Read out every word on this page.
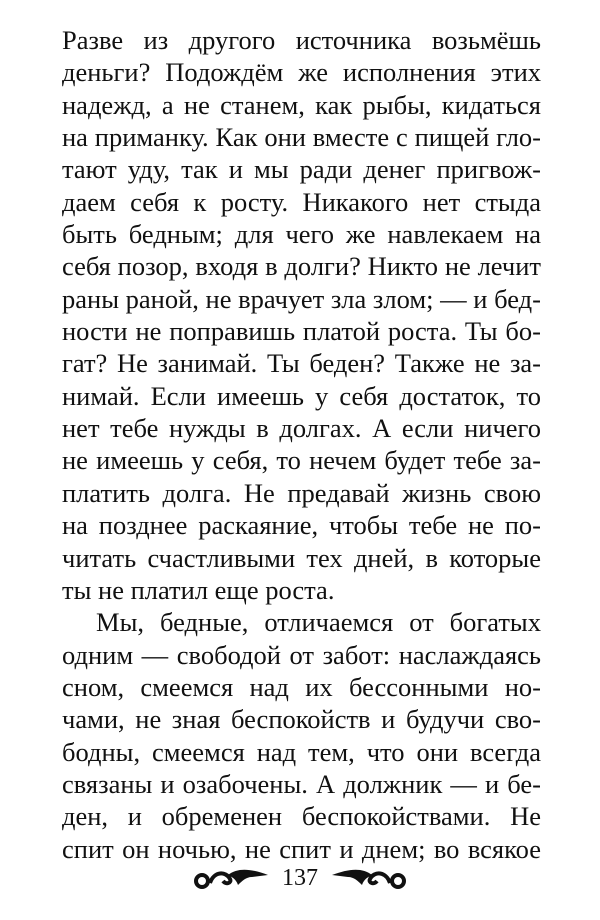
Разве из другого источника возьмёшь
деньги? Подождём же исполнения этих
надежд, а не станем, как рыбы, кидаться
на приманку. Как они вместе с пищей гло-
тают уду, так и мы ради денег пригвож-
даем себя к росту. Никакого нет стыда
быть бедным; для чего же навлекаем на
себя позор, входя в долги? Никто не лечит
раны раной, не врачует зла злом; — и бед-
ности не поправишь платой роста. Ты бо-
гат? Не занимай. Ты беден? Также не за-
нимай. Если имеешь у себя достаток, то
нет тебе нужды в долгах. А если ничего
не имеешь у себя, то нечем будет тебе за-
платить долга. Не предавай жизнь свою
на позднее раскаяние, чтобы тебе не по-
читать счастливыми тех дней, в которые
ты не платил еще роста.
Мы, бедные, отличаемся от богатых
одним — свободой от забот: наслаждаясь
сном, смеемся над их бессонными но-
чами, не зная беспокойств и будучи сво-
бодны, смеемся над тем, что они всегда
связаны и озабочены. А должник — и бе-
ден, и обременен беспокойствами. Не
спит он ночью, не спит и днем; во всякое
137
